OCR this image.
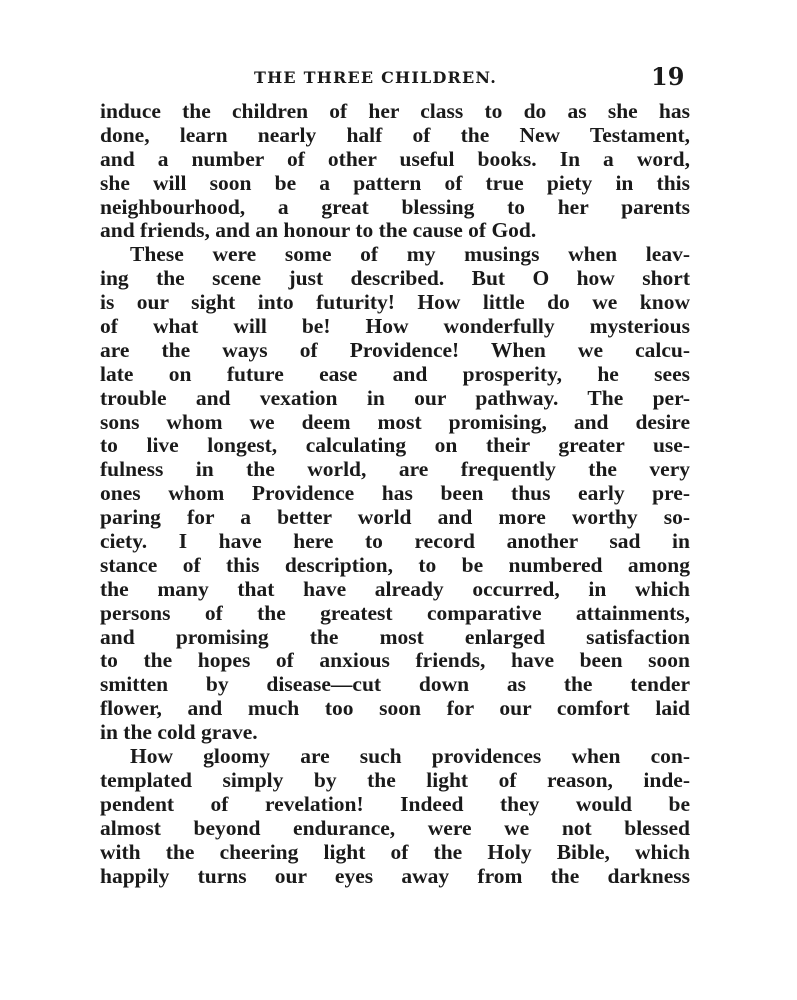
THE THREE CHILDREN.	19
induce the children of her class to do as she has
done, learn nearly half of the New Testament,
and a number of other useful books. In a word,
she will soon be a pattern of true piety in this
neighbourhood, a great blessing to her parents
and friends, and an honour to the cause of God.
These were some of my musings when leav-
ing the scene just described. But O how short
is our sight into futurity! How little do we know
of what will be! How wonderfully mysterious
are the ways of Providence! When we calcu-
late on future ease and prosperity, he sees
trouble and vexation in our pathway. The per-
sons whom we deem most promising, and desire
to live longest, calculating on their greater use-
fulness in the world, are frequently the very
ones whom Providence has been thus early pre-
paring for a better world and more worthy so-
ciety. I have here to record another sad in
stance of this description, to be numbered among
the many that have already occurred, in which
persons of the greatest comparative attainments,
and promising the most enlarged satisfaction
to the hopes of anxious friends, have been soon
smitten by disease—cut down as the tender
flower, and much too soon for our comfort laid
in the cold grave.
How gloomy are such providences when con-
templated simply by the light of reason, inde-
pendent of revelation! Indeed they would be
almost beyond endurance, were we not blessed
with the cheering light of the Holy Bible, which
happily turns our eyes away from the darkness
